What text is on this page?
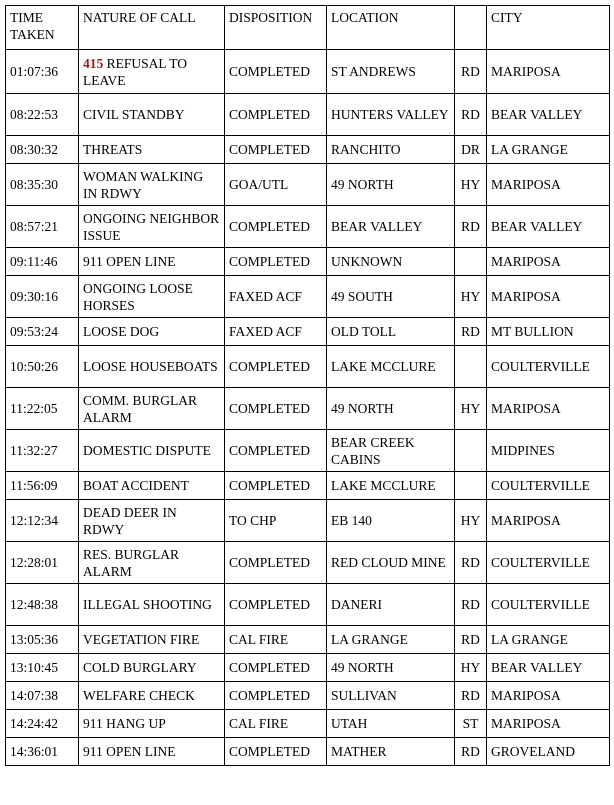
TIME TAKEN	NATURE OF CALL	DISPOSITION	LOCATION		CITY
01:07:36	415 REFUSAL TO LEAVE	COMPLETED	ST ANDREWS	RD	MARIPOSA
08:22:53	CIVIL STANDBY	COMPLETED	HUNTERS VALLEY	RD	BEAR VALLEY
08:30:32	THREATS	COMPLETED	RANCHITO	DR	LA GRANGE
08:35:30	WOMAN WALKING IN RDWY	GOA/UTL	49 NORTH	HY	MARIPOSA
08:57:21	ONGOING NEIGHBOR ISSUE	COMPLETED	BEAR VALLEY	RD	BEAR VALLEY
09:11:46	911 OPEN LINE	COMPLETED	UNKNOWN		MARIPOSA
09:30:16	ONGOING LOOSE HORSES	FAXED ACF	49 SOUTH	HY	MARIPOSA
09:53:24	LOOSE DOG	FAXED ACF	OLD TOLL	RD	MT BULLION
10:50:26	LOOSE HOUSEBOATS	COMPLETED	LAKE MCCLURE		COULTERVILLE
11:22:05	COMM. BURGLAR ALARM	COMPLETED	49 NORTH	HY	MARIPOSA
11:32:27	DOMESTIC DISPUTE	COMPLETED	BEAR CREEK CABINS		MIDPINES
11:56:09	BOAT ACCIDENT	COMPLETED	LAKE MCCLURE		COULTERVILLE
12:12:34	DEAD DEER IN RDWY	TO CHP	EB 140	HY	MARIPOSA
12:28:01	RES. BURGLAR ALARM	COMPLETED	RED CLOUD MINE	RD	COULTERVILLE
12:48:38	ILLEGAL SHOOTING	COMPLETED	DANERI	RD	COULTERVILLE
13:05:36	VEGETATION FIRE	CAL FIRE	LA GRANGE	RD	LA GRANGE
13:10:45	COLD BURGLARY	COMPLETED	49 NORTH	HY	BEAR VALLEY
14:07:38	WELFARE CHECK	COMPLETED	SULLIVAN	RD	MARIPOSA
14:24:42	911 HANG UP	CAL FIRE	UTAH	ST	MARIPOSA
14:36:01	911 OPEN LINE	COMPLETED	MATHER	RD	GROVELAND
